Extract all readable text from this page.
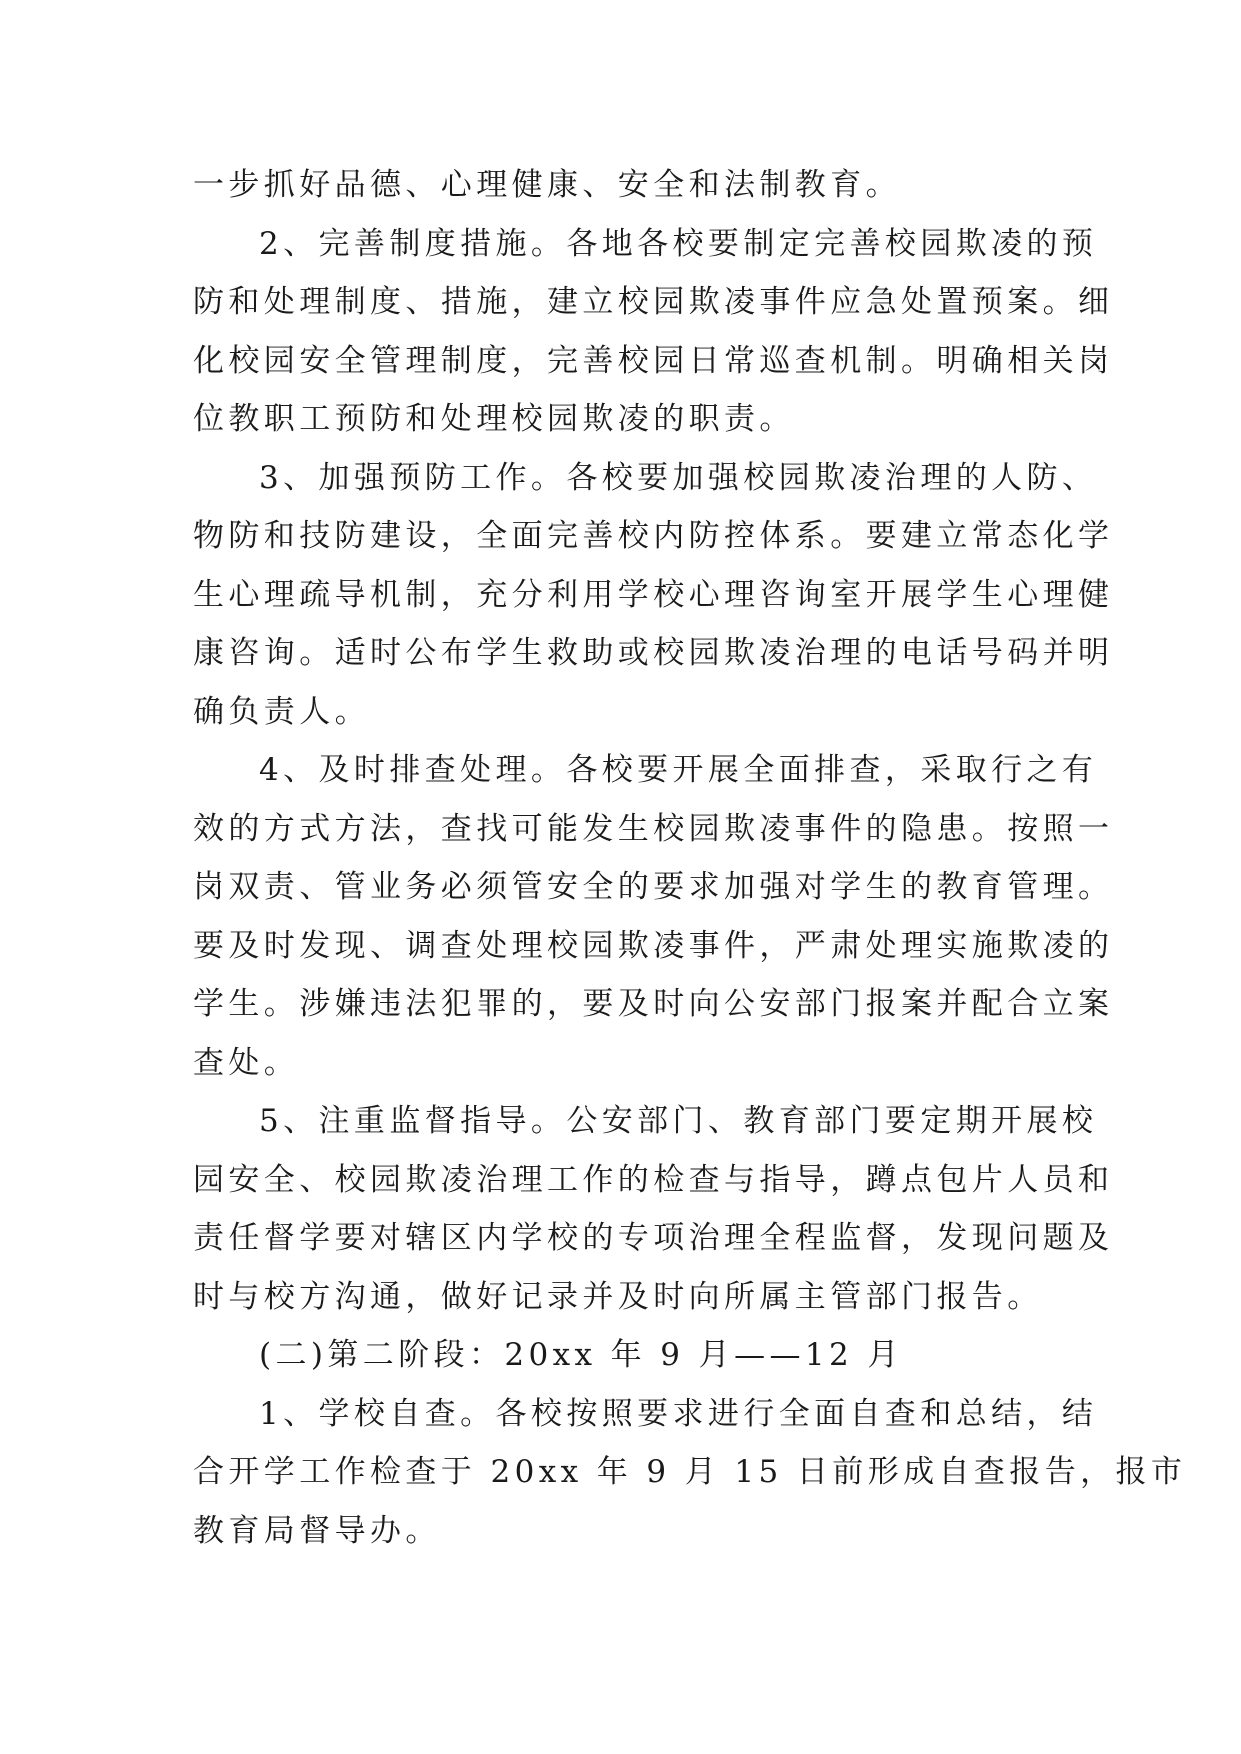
一步抓好品德、心理健康、安全和法制教育。

2、完善制度措施。各地各校要制定完善校园欺凌的预
防和处理制度、措施，建立校园欺凌事件应急处置预案。细
化校园安全管理制度，完善校园日常巡查机制。明确相关岗
位教职工预防和处理校园欺凌的职责。

3、加强预防工作。各校要加强校园欺凌治理的人防、
物防和技防建设，全面完善校内防控体系。要建立常态化学
生心理疏导机制，充分利用学校心理咨询室开展学生心理健
康咨询。适时公布学生救助或校园欺凌治理的电话号码并明
确负责人。

4、及时排查处理。各校要开展全面排查，采取行之有
效的方式方法，查找可能发生校园欺凌事件的隐患。按照一
岗双责、管业务必须管安全的要求加强对学生的教育管理。
要及时发现、调查处理校园欺凌事件，严肃处理实施欺凌的
学生。涉嫌违法犯罪的，要及时向公安部门报案并配合立案
查处。

5、注重监督指导。公安部门、教育部门要定期开展校
园安全、校园欺凌治理工作的检查与指导，蹲点包片人员和
责任督学要对辖区内学校的专项治理全程监督，发现问题及
时与校方沟通，做好记录并及时向所属主管部门报告。

(二)第二阶段：20xx 年 9 月——12 月

1、学校自查。各校按照要求进行全面自查和总结，结
合开学工作检查于 20xx 年 9 月 15 日前形成自查报告，报市
教育局督导办。
